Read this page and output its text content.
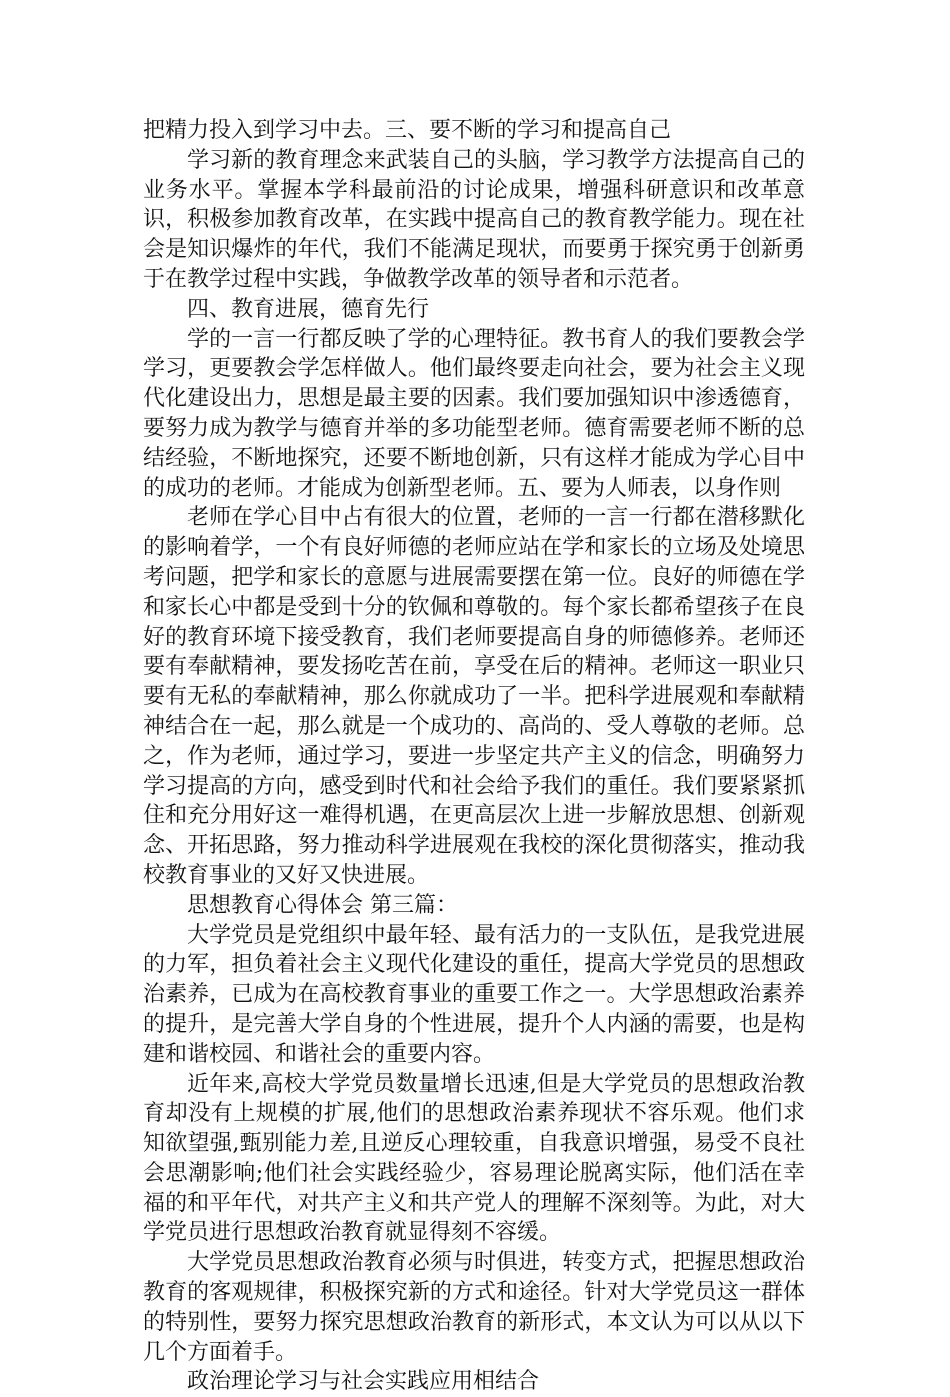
把精力投入到学习中去。三、要不断的学习和提高自己

学习新的教育理念来武装自己的头脑，学习教学方法提高自己的业务水平。掌握本学科最前沿的讨论成果，增强科研意识和改革意识，积极参加教育改革，在实践中提高自己的教育教学能力。现在社会是知识爆炸的年代，我们不能满足现状，而要勇于探究勇于创新勇于在教学过程中实践，争做教学改革的领导者和示范者。

四、教育进展，德育先行

学的一言一行都反映了学的心理特征。教书育人的我们要教会学学习，更要教会学怎样做人。他们最终要走向社会，要为社会主义现代化建设出力，思想是最主要的因素。我们要加强知识中渗透德育，要努力成为教学与德育并举的多功能型老师。德育需要老师不断的总结经验，不断地探究，还要不断地创新，只有这样才能成为学心目中的成功的老师。才能成为创新型老师。五、要为人师表，以身作则

老师在学心目中占有很大的位置，老师的一言一行都在潜移默化的影响着学，一个有良好师德的老师应站在学和家长的立场及处境思考问题，把学和家长的意愿与进展需要摆在第一位。良好的师德在学和家长心中都是受到十分的钦佩和尊敬的。每个家长都希望孩子在良好的教育环境下接受教育，我们老师要提高自身的师德修养。老师还要有奉献精神，要发扬吃苦在前，享受在后的精神。老师这一职业只要有无私的奉献精神，那么你就成功了一半。把科学进展观和奉献精神结合在一起，那么就是一个成功的、高尚的、受人尊敬的老师。总之，作为老师，通过学习，要进一步坚定共产主义的信念，明确努力学习提高的方向，感受到时代和社会给予我们的重任。我们要紧紧抓住和充分用好这一难得机遇，在更高层次上进一步解放思想、创新观念、开拓思路，努力推动科学进展观在我校的深化贯彻落实，推动我校教育事业的又好又快进展。

思想教育心得体会 第三篇：

大学党员是党组织中最年轻、最有活力的一支队伍，是我党进展的力军，担负着社会主义现代化建设的重任，提高大学党员的思想政治素养，已成为在高校教育事业的重要工作之一。大学思想政治素养的提升，是完善大学自身的个性进展，提升个人内涵的需要，也是构建和谐校园、和谐社会的重要内容。

近年来,高校大学党员数量增长迅速,但是大学党员的思想政治教育却没有上规模的扩展,他们的思想政治素养现状不容乐观。他们求知欲望强,甄别能力差,且逆反心理较重，自我意识增强，易受不良社会思潮影响;他们社会实践经验少，容易理论脱离实际，他们活在幸福的和平年代，对共产主义和共产党人的理解不深刻等。为此，对大学党员进行思想政治教育就显得刻不容缓。

大学党员思想政治教育必须与时俱进，转变方式，把握思想政治教育的客观规律，积极探究新的方式和途径。针对大学党员这一群体的特别性，要努力探究思想政治教育的新形式，本文认为可以从以下几个方面着手。

政治理论学习与社会实践应用相结合
